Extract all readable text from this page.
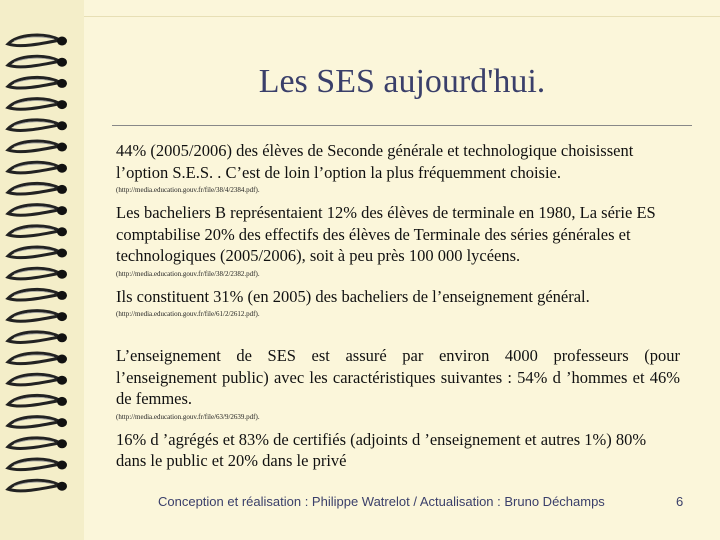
Les SES aujourd'hui.
44% (2005/2006) des élèves de Seconde générale et technologique choisissent l’option S.E.S. . C’est de loin l’option la plus fréquemment choisie.
(http://media.education.gouv.fr/file/38/4/2384.pdf).
Les bacheliers B représentaient 12% des élèves de terminale en 1980, La série ES comptabilise 20% des effectifs des élèves de Terminale des séries générales et technologiques (2005/2006), soit à peu près 100 000 lycéens.
(http://media.education.gouv.fr/file/38/2/2382.pdf).
Ils constituent 31% (en 2005) des bacheliers de l’enseignement général.
(http://media.education.gouv.fr/file/61/2/2612.pdf).
L’enseignement de SES est assuré par environ 4000 professeurs (pour l’enseignement public) avec les caractéristiques suivantes : 54% d ’hommes et 46% de femmes.
(http://media.education.gouv.fr/file/63/9/2639.pdf).
16% d ’agrégés et 83% de certifiés (adjoints d ’enseignement et autres 1%) 80% dans le public et 20% dans le privé
Conception et réalisation : Philippe Watrelot / Actualisation : Bruno Déchamps	6
